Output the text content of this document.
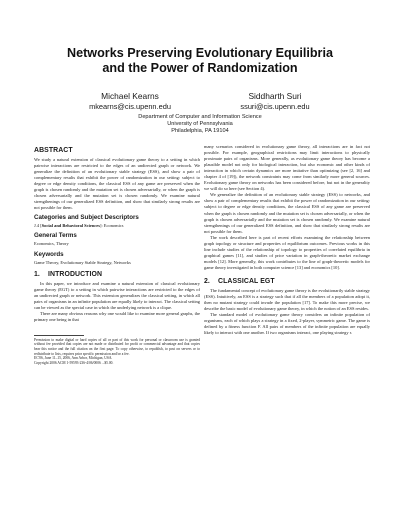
Networks Preserving Evolutionary Equilibria
and the Power of Randomization
Michael Kearns
mkearns@cis.upenn.edu
Siddharth Suri
ssuri@cis.upenn.edu
Department of Computer and Information Science
University of Pennsylvania
Philadelphia, PA 19104
ABSTRACT

We study a natural extension of classical evolutionary game theory to a setting in which pairwise interactions are restricted to the edges of an undirected graph or network. We generalize the definition of an evolutionary stable strategy (ESS), and show a pair of complementary results that exhibit the power of randomization in our setting: subject to degree or edge density conditions, the classical ESS of any game are preserved when the graph is chosen randomly and the mutation set is chosen adversarially, or when the graph is chosen adversarially and the mutation set is chosen randomly. We examine natural strengthenings of our generalized ESS definition, and show that similarly strong results are not possible for them.

Categories and Subject Descriptors

J.4 [Social and Behavioral Sciences]: Economics

General Terms

Economics, Theory

Keywords

Game Theory, Evolutionary Stable Strategy, Networks

1.    INTRODUCTION

In this paper, we introduce and examine a natural extension of classical evolutionary game theory (EGT) to a setting in which pairwise interactions are restricted to the edges of an undirected graph or network. This extension generalizes the classical setting, in which all pairs of organisms in an infinite population are equally likely to interact. The classical setting can be viewed as the special case in which the underlying network is a clique.

There are many obvious reasons why one would like to examine more general graphs, the primary one being in that

Permission to make digital or hard copies of all or part of this work for personal or classroom use is granted without fee provided that copies are not made or distributed for profit or commercial advantage and that copies bear this notice and the full citation on the first page. To copy otherwise, to republish, to post on servers or to redistribute to lists, requires prior specific permission and/or a fee.

EC'06, June 11–15, 2006, Ann Arbor, Michigan, USA.

Copyright 2006 ACM 1-59593-236-4/06/0006 ...$5.00.

many scenarios considered in evolutionary game theory, all interactions are in fact not possible. For example, geographical restrictions may limit interactions to physically proximate pairs of organisms. More generally, as evolutionary game theory has become a plausible model not only for biological interaction, but also economic and other kinds of interaction in which certain dynamics are more imitative than optimizing (see [2, 16] and chapter 4 of [19]), the network constraints may come from similarly more general sources. Evolutionary game theory on networks has been considered before, but not in the generality we will do so here (see Section 4).

We generalize the definition of an evolutionary stable strategy (ESS) to networks, and show a pair of complementary results that exhibit the power of randomization in our setting: subject to degree or edge density conditions, the classical ESS of any game are preserved when the graph is chosen randomly and the mutation set is chosen adversarially, or when the graph is chosen adversarially and the mutation set is chosen randomly. We examine natural strengthenings of our generalized ESS definition, and show that similarly strong results are not possible for them.

The work described here is part of recent efforts examining the relationship between graph topology or structure and properties of equilibrium outcomes. Previous works in this line include studies of the relationship of topology to properties of correlated equilibria in graphical games [11], and studies of price variation in graph-theoretic market exchange models [12]. More generally, this work contributes to the line of graph-theoretic models for game theory investigated in both computer science [13] and economics [10].

2.    CLASSICAL EGT

The fundamental concept of evolutionary game theory is the evolutionarily stable strategy (ESS). Intuitively, an ESS is a strategy such that if all the members of a population adopt it, then no mutant strategy could invade the population [17]. To make this more precise, we describe the basic model of evolutionary game theory, in which the notion of an ESS resides.

The standard model of evolutionary game theory considers an infinite population of organisms, each of which plays a strategy in a fixed, 2-player, symmetric game. The game is defined by a fitness function F. All pairs of members of the infinite population are equally likely to interact with one another. If two organisms interact, one playing strategy s
